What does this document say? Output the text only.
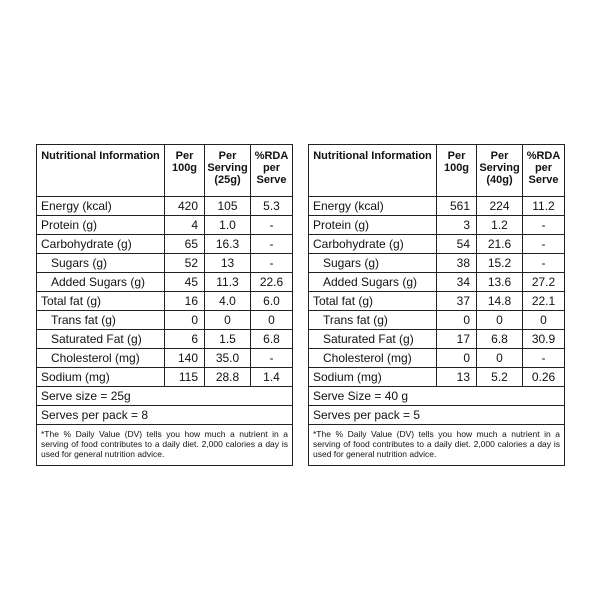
Nutritional Information	Per 100g	Per Serving (25g)	%RDA per Serve
Energy (kcal)	420	105	5.3
Protein (g)	4	1.0	-
Carbohydrate (g)	65	16.3	-
Sugars (g)	52	13	-
Added Sugars (g)	45	11.3	22.6
Total fat (g)	16	4.0	6.0
Trans fat (g)	0	0	0
Saturated Fat (g)	6	1.5	6.8
Cholesterol (mg)	140	35.0	-
Sodium (mg)	115	28.8	1.4
Serve size = 25g			
Serves per pack = 8			
*The % Daily Value (DV) tells you how much a nutrient in a serving of food contributes to a daily diet. 2,000 calories a day is used for general nutrition advice.			
Nutritional Information	Per 100g	Per Serving (40g)	%RDA per Serve
Energy (kcal)	561	224	11.2
Protein (g)	3	1.2	-
Carbohydrate (g)	54	21.6	-
Sugars (g)	38	15.2	-
Added Sugars (g)	34	13.6	27.2
Total fat (g)	37	14.8	22.1
Trans fat (g)	0	0	0
Saturated Fat (g)	17	6.8	30.9
Cholesterol (mg)	0	0	-
Sodium (mg)	13	5.2	0.26
Serve Size = 40 g			
Serves per pack = 5			
*The % Daily Value (DV) tells you how much a nutrient in a serving of food contributes to a daily diet. 2,000 calories a day is used for general nutrition advice.			
